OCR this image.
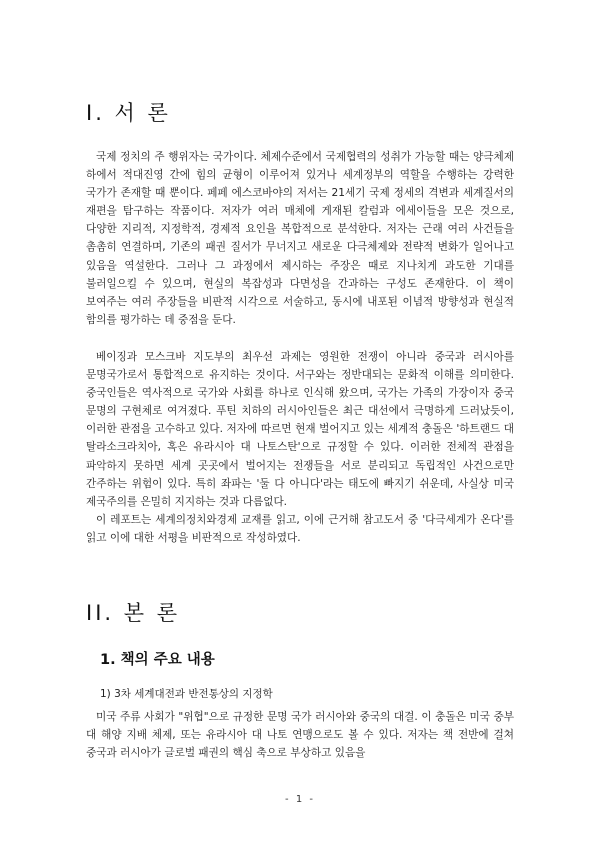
I. 서 론

국제 정치의 주 행위자는 국가이다. 체제수준에서 국제협력의 성취가 가능할 때는 양극체제 하에서 적대진영 간에 힘의 균형이 이루어져 있거나 세계정부의 역할을 수행하는 강력한 국가가 존재할 때 뿐이다. 페페 에스코바야의 저서는 21세기 국제 정세의 격변과 세계질서의 재편을 탐구하는 작품이다. 저자가 여러 매체에 게재된 칼럼과 에세이들을 모은 것으로, 다양한 지리적, 지정학적, 경제적 요인을 복합적으로 분석한다. 저자는 근래 여러 사건들을 촘촘히 연결하며, 기존의 패권 질서가 무너지고 새로운 다극체제와 전략적 변화가 일어나고 있음을 역설한다. 그러나 그 과정에서 제시하는 주장은 때로 지나치게 과도한 기대를 불러일으킬 수 있으며, 현실의 복잡성과 다면성을 간과하는 구성도 존재한다. 이 책이 보여주는 여러 주장들을 비판적 시각으로 서술하고, 동시에 내포된 이념적 방향성과 현실적 함의를 평가하는 데 중점을 둔다.

베이징과 모스크바 지도부의 최우선 과제는 영원한 전쟁이 아니라 중국과 러시아를 문명국가로서 통합적으로 유지하는 것이다. 서구와는 정반대되는 문화적 이해를 의미한다. 중국인들은 역사적으로 국가와 사회를 하나로 인식해 왔으며, 국가는 가족의 가장이자 중국 문명의 구현체로 여겨졌다. 푸틴 치하의 러시아인들은 최근 대선에서 극명하게 드러났듯이, 이러한 관점을 고수하고 있다. 저자에 따르면 현재 벌어지고 있는 세계적 충돌은 '하트랜드 대 탈라소크라치아, 혹은 유라시아 대 나토스탄'으로 규정할 수 있다. 이러한 전체적 관점을 파악하지 못하면 세계 곳곳에서 벌어지는 전쟁들을 서로 분리되고 독립적인 사건으로만 간주하는 위험이 있다. 특히 좌파는 '둘 다 아니다'라는 태도에 빠지기 쉬운데, 사실상 미국 제국주의를 은밀히 지지하는 것과 다름없다.

이 레포트는 세계의정치와경제 교재를 읽고, 이에 근거해 참고도서 중 '다극세계가 온다'를 읽고 이에 대한 서평을 비판적으로 작성하였다.

II. 본 론
1. 책의 주요 내용
1) 3차 세계대전과 반전통상의 지정학

미국 주류 사회가 "위협"으로 규정한 문명 국가 러시아와 중국의 대결. 이 충돌은 미국 중부 대 해양 지배 체제, 또는 유라시아 대 나토 연맹으로도 볼 수 있다. 저자는 책 전반에 걸쳐 중국과 러시아가 글로벌 패권의 핵심 축으로 부상하고 있음을

- 1 -
